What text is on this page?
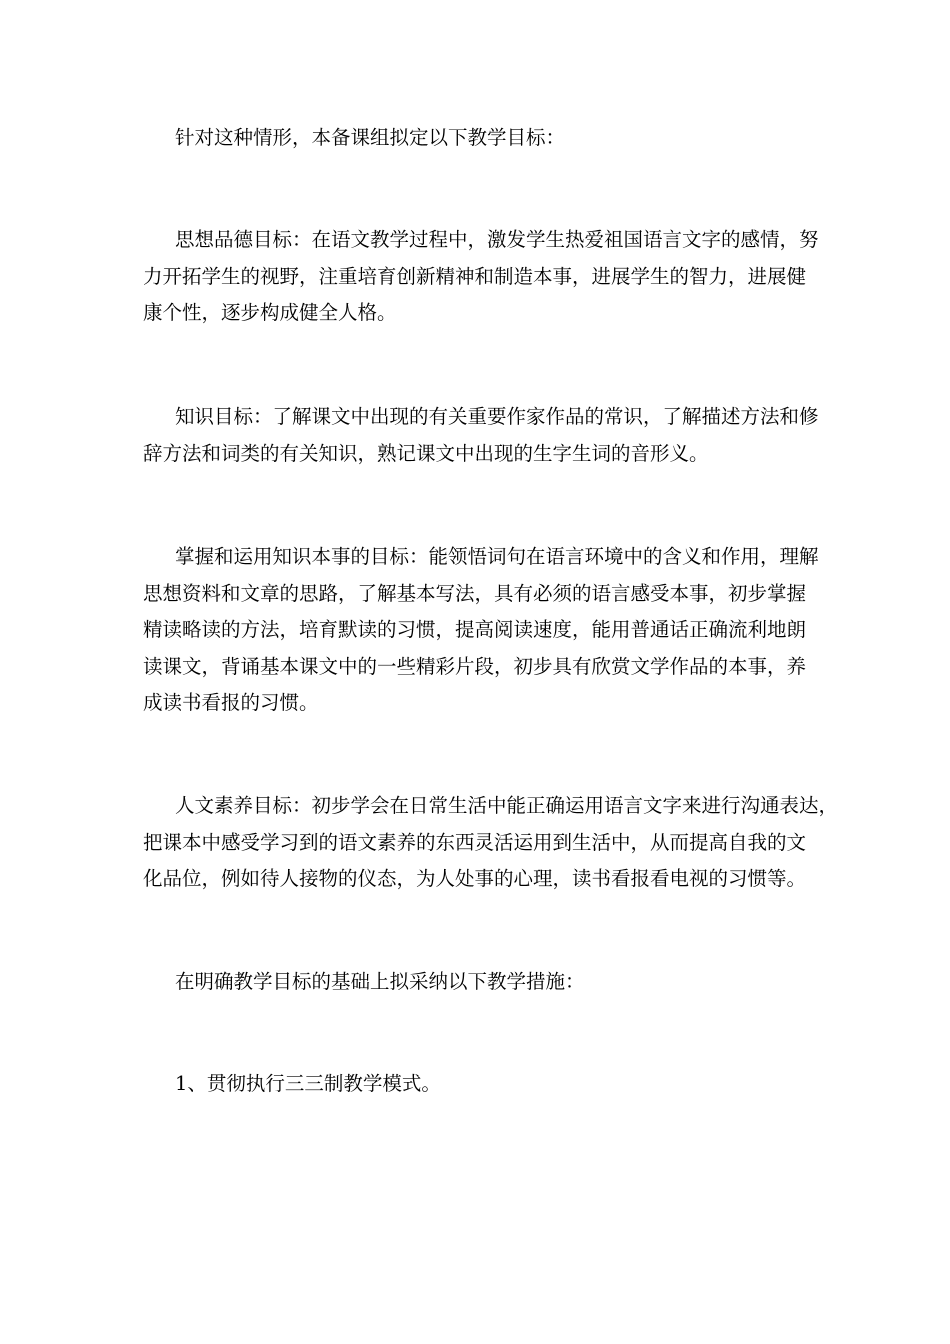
针对这种情形，本备课组拟定以下教学目标：
思想品德目标：在语文教学过程中，激发学生热爱祖国语言文字的感情，努
力开拓学生的视野，注重培育创新精神和制造本事，进展学生的智力，进展健
康个性，逐步构成健全人格。
知识目标：了解课文中出现的有关重要作家作品的常识，了解描述方法和修
辞方法和词类的有关知识，熟记课文中出现的生字生词的音形义。
掌握和运用知识本事的目标：能领悟词句在语言环境中的含义和作用，理解
思想资料和文章的思路，了解基本写法，具有必须的语言感受本事，初步掌握
精读略读的方法，培育默读的习惯，提高阅读速度，能用普通话正确流利地朗
读课文，背诵基本课文中的一些精彩片段，初步具有欣赏文学作品的本事，养
成读书看报的习惯。
人文素养目标：初步学会在日常生活中能正确运用语言文字来进行沟通表达，
把课本中感受学习到的语文素养的东西灵活运用到生活中，从而提高自我的文
化品位，例如待人接物的仪态，为人处事的心理，读书看报看电视的习惯等。
在明确教学目标的基础上拟采纳以下教学措施：
1、贯彻执行三三制教学模式。
